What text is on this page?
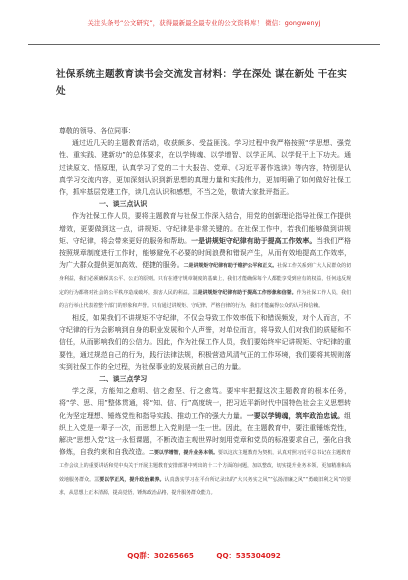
关注头条号“公文研究”，获得最新最全最专业的公文资料库！ 微信：gongwenyj
社保系统主题教育读书会交流发言材料：学在深处 谋在新处 干在实处

尊敬的领导、各位同事：

通过近几天的主题教育活动，收获颇多、受益匪浅。学习过程中我严格按照“学思想、强党性、重实践、建新功”的总体要求，在以学铸魂、以学增智、以学正风、以学促干上下功夫。通过读原文、悟原理，认真学习了党的二十大报告、党章、《习近平著作选读》等内容，特别是认真学习交流内容，更加深刻认识到新思想的真理力量和实践伟力，更加明确了如何做好社保工作，抓牢基层党建工作，读几点认识和感想，不当之处，敬请大家批评指正。

一、谈三点认识

作为社保工作人员，要将主题教育与社保工作深入结合，用党的创新理论指导社保工作提供增效，更要做到这一点，讲规矩、守纪律是非常关键的。在社保工作中，若我们能够做到讲规矩、守纪律，将会带来更好的服务和帮助。一是讲规矩守纪律有助于提高工作效率。当我们严格按照规章制度进行工作时，能够避免不必要的时间浪费和错误产生，从而有效地提高工作效率，为广大群众提供更加高效、便捷的服务。二是讲规矩守纪律有助于维护公平和正义。社保工作关系到广大人民群众的切身利益，我们必须确保其公平、公正的原则。只有在遵守规章制度的基础上，我们才能确保每个人都能享受到应有的权益，任何违反规定的行为都将对社会的公平秩序造成破坏，损害人民的利益。三是讲规矩守纪律有助于提高工作形象和信誉。作为社保工作人员，我们的言行举止代表着整个部门的形象和声誉。只有通过讲规矩、守纪律，严格自律的行为，我们才能赢得公众的认可和信赖。

相反，如果我们不讲规矩不守纪律，不仅会导致工作效率低下和错误频发，对个人而言，不守纪律的行为会影响到自身的职业发展和个人声誉，对单位而言，将导致人们对我们的质疑和不信任，从而影响我们的公信力。因此，作为社保工作人员，我们要始终牢记讲规矩、守纪律的重要性，通过规范自己的行为，践行法律法规，积极营造风清气正的工作环境，我们要将其规则落实到社保工作的全过程，为社保事业的发展贡献自己的力量。

二、谈三点学习

学之深，方能知之愈明、信之愈坚、行之愈笃。要牢牢把握这次主题教育的根本任务，将“学、思、用”整体贯通，将“知、信、行”高度统一，把习近平新时代中国特色社会主义思想转化为坚定理想、锤炼党性和指导实践、推动工作的强大力量。一要以学铸魂，筑牢政治忠诚。组织上入党是一辈子一次，而思想上入党则是一生一世。因此，在主题教育中，要注重锤炼党性，解决“思想入党”这一永恒课题，不断改造主观世界时刻用党章和党员的标准要求自己，强化自我修炼，自我约束和自我改造。二要以学增智，提升业务本领。要以这次主题教育为契机，认真对照习近平总书记在主题教育工作会议上的重要讲话和党中央关于开展主题教育安排部署中列出的十二个方面的问题，加以整改，切实提升业务本领，更加精准和高效地服务群众。三要以学正风，提升政治素养。认真落实学习在平台所记录出的“大兴务实之风”“弘扬清廉之风”“勇破旧利之风”的要求，从思想上正本清源，提高觉悟，锤炼政治品格，提升服务群众能力。

QQ群：30265665 QQ：535304092
